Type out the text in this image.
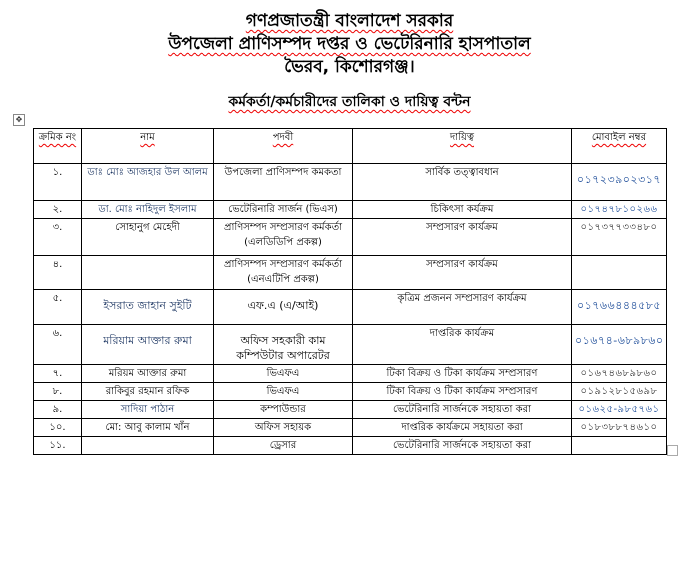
গণপ্রজাতন্ত্রী বাংলাদেশ সরকার
উপজেলা প্রাণিসম্পদ দপ্তর ও ভেটেরিনারি হাসপাতাল
ভৈরব, কিশোরগঞ্জ।
কর্মকর্তা/কর্মচারীদের তালিকা ও দায়িত্ব বন্টন
✥
ক্রমিক নং	নাম	পদবী	দায়িত্ব	মোবাইল নম্বর
১.	ডাঃ মোঃ আজহার উল আলম	উপজেলা প্রাণিসম্পদ কমকতা	সার্বিক তত্ত্বাবধান	০১৭২৩৯০২৩১৭
২.	ডা. মোঃ নাহিদুল ইসলাম	ভেটেরিনারি সার্জন (ভিএস)	চিকিৎসা কর্যক্রম	০১৭৪৭৮১০২৬৬
৩.	সোহানুগ মেহেদী	প্রাণিসম্পদ সম্প্রসারণ কর্মকর্তা (এলডিডিপি প্রকল্প)	সম্প্রসারণ কার্যক্রম	০১৭৩৭৭৩৩৪৮০
৪.		প্রাণিসম্পদ সম্প্রসারণ কর্মকর্তা (এনএটিপি প্রকল্প)	সম্প্রসারণ কার্যক্রম	
৫.	ইসরাত জাহান সুইটি	এফ.এ (এ/আই)	কৃত্রিম প্রজনন সম্প্রসারণ কার্যক্রম	০১৭৬৬৪৪৪৫৮৫
৬.	মরিয়াম আক্তার রুমা	অফিস সহকারী কাম কম্পিউটার অপারেটর	দাপ্তরিক কার্যক্রম	০১৬৭৪-৬৮৯৮৬০
৭.	মরিয়ম আক্তার রুমা	ভিএফএ	টিকা বিক্রয় ও টিকা কার্যক্রম সম্প্রসারণ	০১৬৭৪৬৮৯৮৬০
৮.	রাকিবুর রহমান রফিক	ভিএফএ	টিকা বিক্রয় ও টিকা কার্যক্রম সম্প্রসারণ	০১৯১২৮১৫৬৯৮
৯.	সাদিয়া পাঠান	কম্পাউন্ডার	ভেটেরিনারি সার্জনকে সহায়তা করা	০১৬২৫-৯৮৫৭৬১
১০.	মো: আবু কালাম খাঁন	অফিস সহায়ক	দাপ্তরিক কার্যক্রমে সহায়তা করা	০১৮৩৮৮৭৪৬১০
১১.		ড্রেসার	ভেটেরিনারি সার্জনকে সহায়তা করা	
